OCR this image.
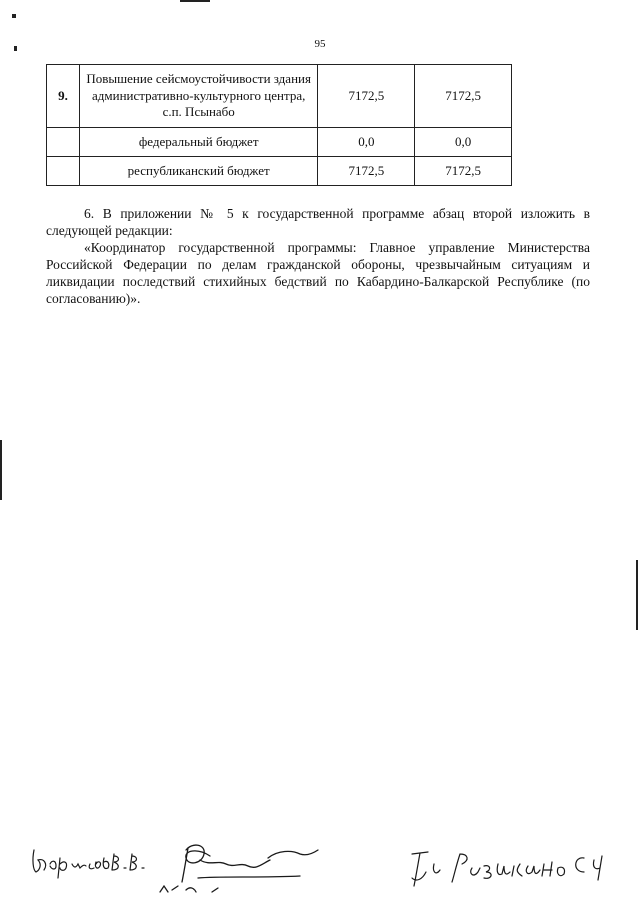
95
9.	Повышение сейсмоустойчивости здания административно-культурного центра, с.п. Псынабо	7172,5	7172,5
	федеральный бюджет	0,0	0,0
	республиканский бюджет	7172,5	7172,5

6. В приложении № 5 к государственной программе абзац второй изложить в следующей редакции:

«Координатор государственной программы: Главное управление Министерства Российской Федерации по делам гражданской обороны, чрезвычайным ситуациям и ликвидации последствий стихийных бедствий по Кабардино-Балкарской Республике (по согласованию)».
